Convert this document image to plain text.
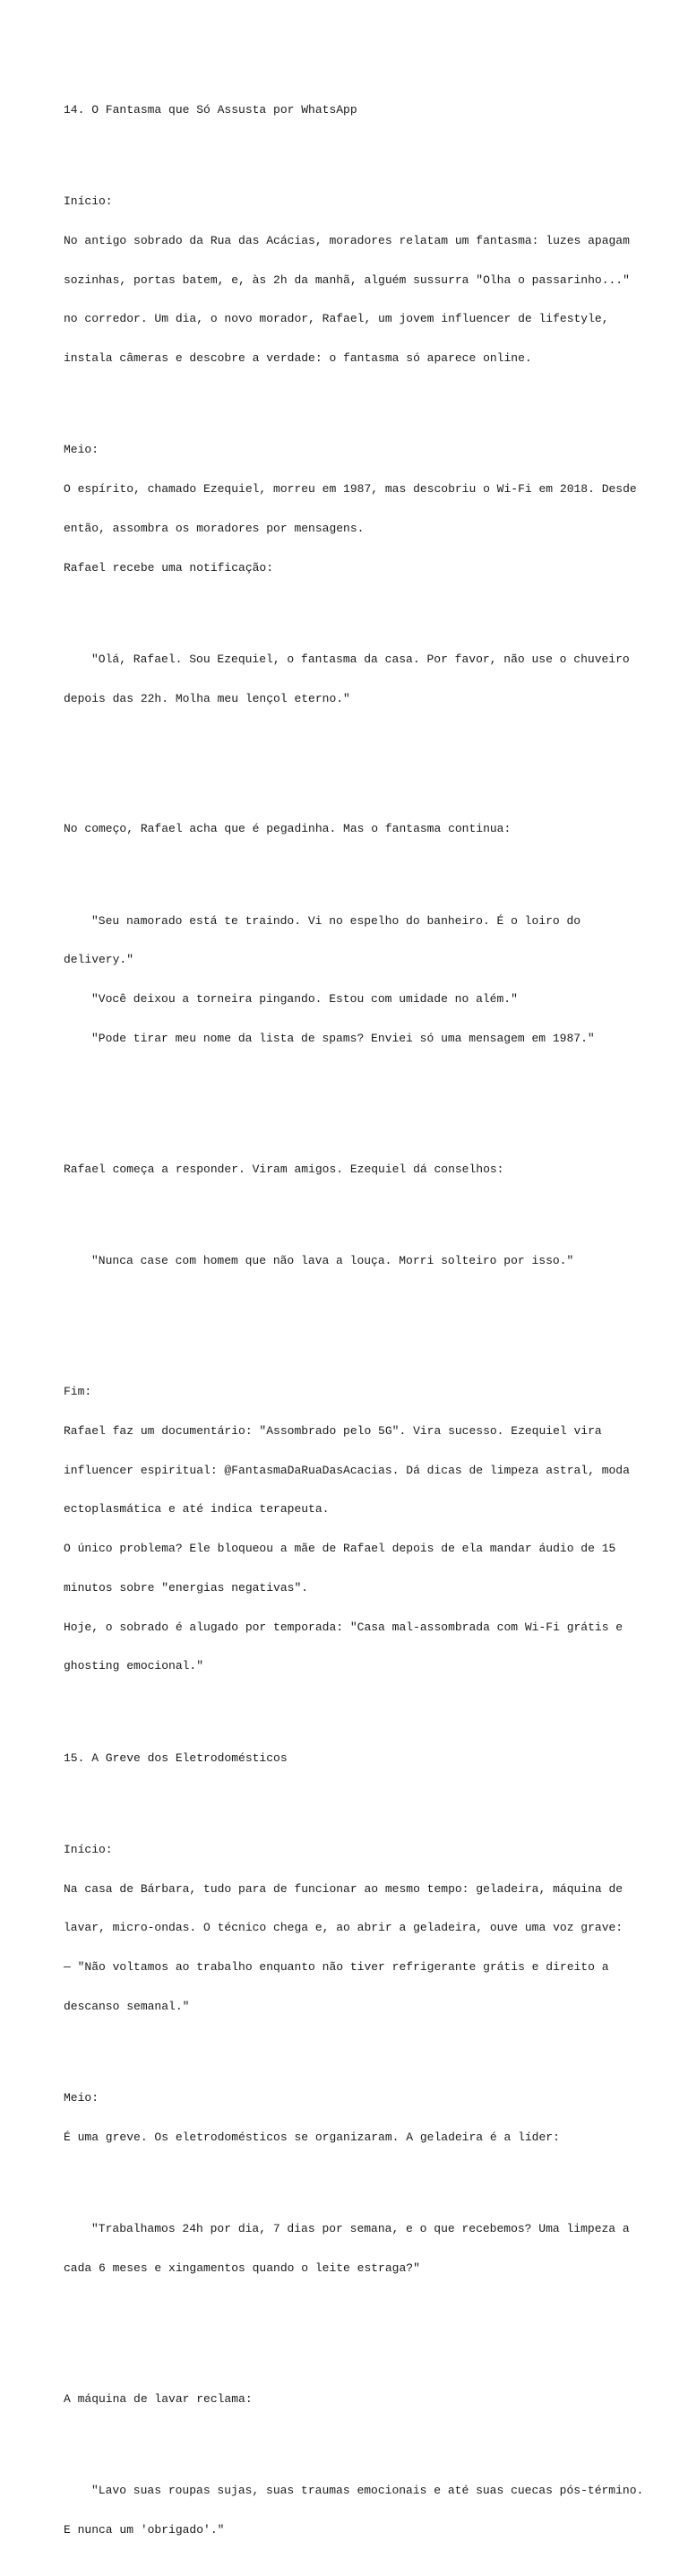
14. O Fantasma que Só Assusta por WhatsApp

Início:

No antigo sobrado da Rua das Acácias, moradores relatam um fantasma: luzes apagam

sozinhas, portas batem, e, às 2h da manhã, alguém sussurra "Olha o passarinho..."

no corredor. Um dia, o novo morador, Rafael, um jovem influencer de lifestyle,

instala câmeras e descobre a verdade: o fantasma só aparece online.

Meio:

O espírito, chamado Ezequiel, morreu em 1987, mas descobriu o Wi-Fi em 2018. Desde

então, assombra os moradores por mensagens.

Rafael recebe uma notificação:

"Olá, Rafael. Sou Ezequiel, o fantasma da casa. Por favor, não use o chuveiro

depois das 22h. Molha meu lençol eterno."

No começo, Rafael acha que é pegadinha. Mas o fantasma continua:

"Seu namorado está te traindo. Vi no espelho do banheiro. É o loiro do

delivery."

"Você deixou a torneira pingando. Estou com umidade no além."

"Pode tirar meu nome da lista de spams? Enviei só uma mensagem em 1987."

Rafael começa a responder. Viram amigos. Ezequiel dá conselhos:

"Nunca case com homem que não lava a louça. Morri solteiro por isso."

Fim:

Rafael faz um documentário: "Assombrado pelo 5G". Vira sucesso. Ezequiel vira

influencer espiritual: @FantasmaDaRuaDasAcacias. Dá dicas de limpeza astral, moda

ectoplasmática e até indica terapeuta.

O único problema? Ele bloqueou a mãe de Rafael depois de ela mandar áudio de 15

minutos sobre "energias negativas".

Hoje, o sobrado é alugado por temporada: "Casa mal-assombrada com Wi-Fi grátis e

ghosting emocional."

15. A Greve dos Eletrodomésticos

Início:

Na casa de Bárbara, tudo para de funcionar ao mesmo tempo: geladeira, máquina de

lavar, micro-ondas. O técnico chega e, ao abrir a geladeira, ouve uma voz grave:

— "Não voltamos ao trabalho enquanto não tiver refrigerante grátis e direito a

descanso semanal."

Meio:

É uma greve. Os eletrodomésticos se organizaram. A geladeira é a líder:

"Trabalhamos 24h por dia, 7 dias por semana, e o que recebemos? Uma limpeza a

cada 6 meses e xingamentos quando o leite estraga?"

A máquina de lavar reclama:

"Lavo suas roupas sujas, suas traumas emocionais e até suas cuecas pós-término.

E nunca um 'obrigado'."
